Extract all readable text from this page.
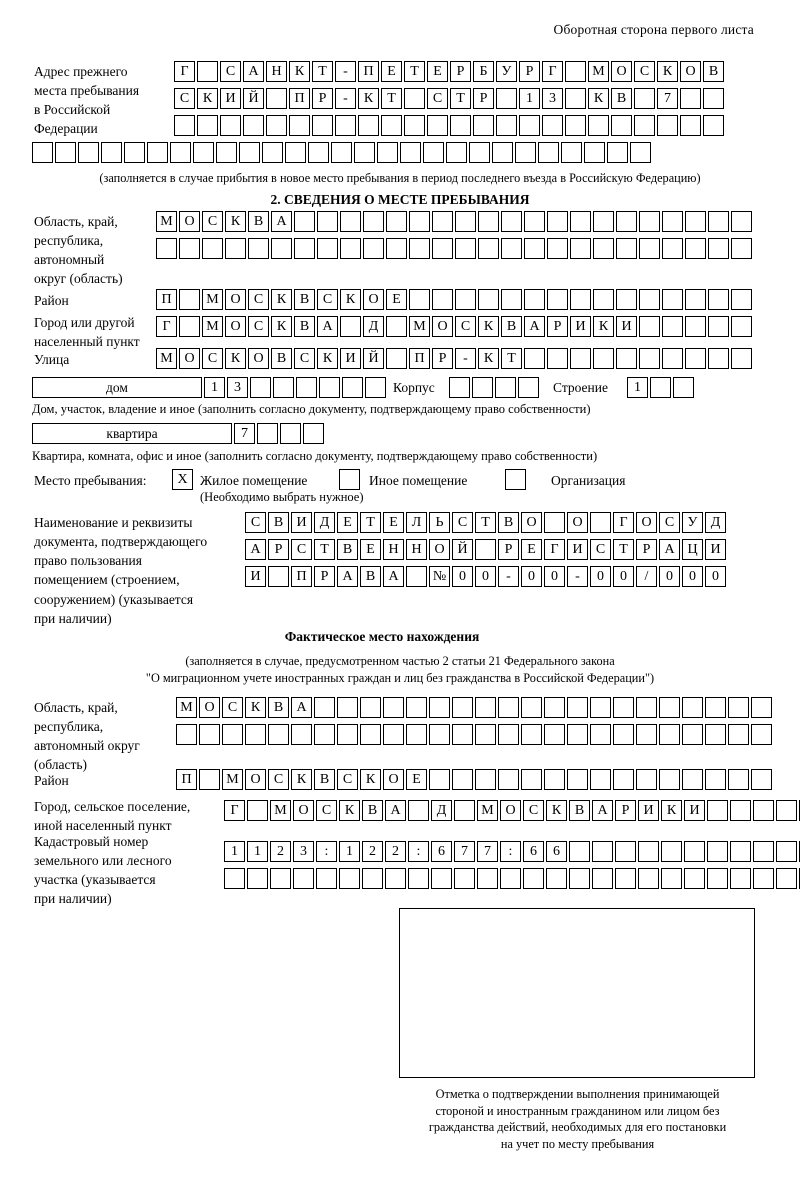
Оборотная сторона первого листа
Адрес прежнего
места пребывания
в Российской
Федерации
Г	С А Н К	Т	-	П Е	Т	Е	Р	Б	У	Р	Г	М О С К О В
С К И Й	П	Р	-	К	Т	С	Т	Р	1	3	К В	7
(заполняется в случае прибытия в новое место пребывания в период последнего въезда в Российскую Федерацию)
2. СВЕДЕНИЯ О МЕСТЕ ПРЕБЫВАНИЯ
Область, край,
республика,
автономный
округ (область)
М О С К В А
Район	П	М О С К В С К О Е
Город или другой
населенный пункт
Г	М О С К В А	Д	М О С К В А	Р	И К И
Улица	М О С К О В С К И Й	П	Р	-	К	Т
дом	1	3	Корпус	Строение	1
Дом, участок, владение и иное (заполнить согласно документу, подтверждающему право собственности)
квартира	7
Квартира, комната, офис и иное (заполнить согласно документу, подтверждающему право собственности)
Место пребывания:	X Жилое помещение	Иное помещение	Организация
(Необходимо выбрать нужное)
Наименование и реквизиты
документа, подтверждающего
право пользования
помещением (строением,
сооружением) (указывается
при наличии)
С В И Д Е	Т	Е Л	Ь	С	Т	В О	О	Г О С У Д
А	Р	С	Т	В	Е Н Н О Й	Р	Е	Г И С	Т	Р	А Ц И
И	П	Р	А В А	№ 0	0	-	0	0	-	0	0	/	0	0	0
Фактическое место нахождения
(заполняется в случае, предусмотренном частью 2 статьи 21 Федерального закона
"О миграционном учете иностранных граждан и лиц без гражданства в Российской Федерации")
Область, край,
республика,
автономный округ
(область)
М О С К В А
Район	П	М О С К В С К О Е
Город, сельское поселение,
иной населенный пункт
Г	М О С К В А	Д	М О С К В А	Р	И К И
Кадастровый номер
земельного или лесного
участка (указывается
при наличии)
1	1	2	3	:	1	2	2	:	6	7	7	:	6	6
Отметка о подтверждении выполнения принимающей
стороной и иностранным гражданином или лицом без
гражданства действий, необходимых для его постановки
на учет по месту пребывания
